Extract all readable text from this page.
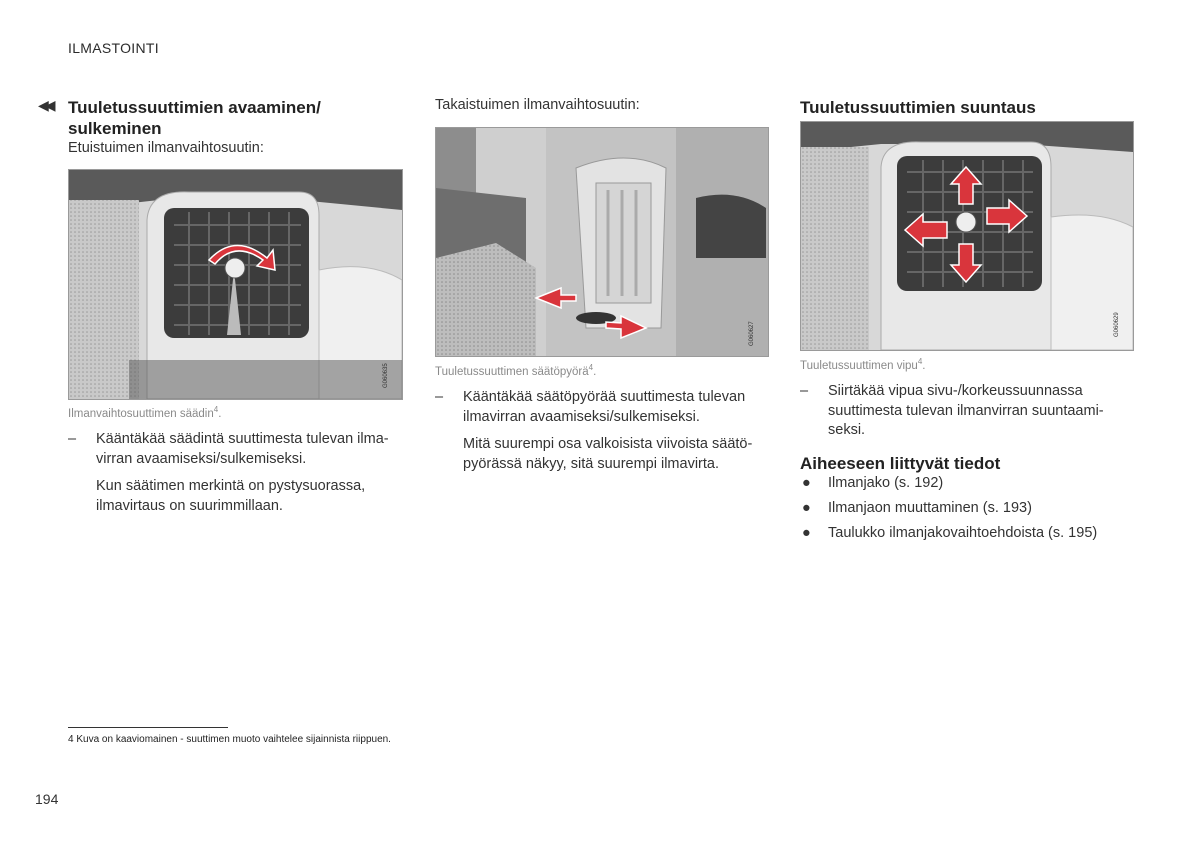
ILMASTOINTI
◀◀ Tuuletussuuttimien avaaminen/
sulkeminen

Etuistuimen ilmanvaihtosuutin:

G060635
Ilmanvaihtosuuttimen säädin$^4$.
– Kääntäkää säädintä suuttimesta tulevan ilma-
virran avaamiseksi/sulkemiseksi.
Kun säätimen merkintä on pystysuorassa,
ilmavirtaus on suurimmillaan.
Takaistuimen ilmanvaihtosuutin:
G060627
Tuuletussuuttimen säätöpyörä$^4$.
– Kääntäkää säätöpyörää suuttimesta tulevan
ilmavirran avaamiseksi/sulkemiseksi.
Mitä suurempi osa valkoisista viivoista säätö-
pyörässä näkyy, sitä suurempi ilmavirta.
Tuuletussuuttimien suuntaus
G060629
Tuuletussuuttimen vipu$^4$.
– Siirtäkää vipua sivu-/korkeussuunnassa
suuttimesta tulevan ilmanvirran suuntaami-
seksi.
Aiheeseen liittyvät tiedot
● Ilmanjako (s. 192)
● Ilmanjaon muuttaminen (s. 193)
● Taulukko ilmanjakovaihtoehdoista (s. 195)
4 Kuva on kaaviomainen - suuttimen muoto vaihtelee sijainnista riippuen.
194
